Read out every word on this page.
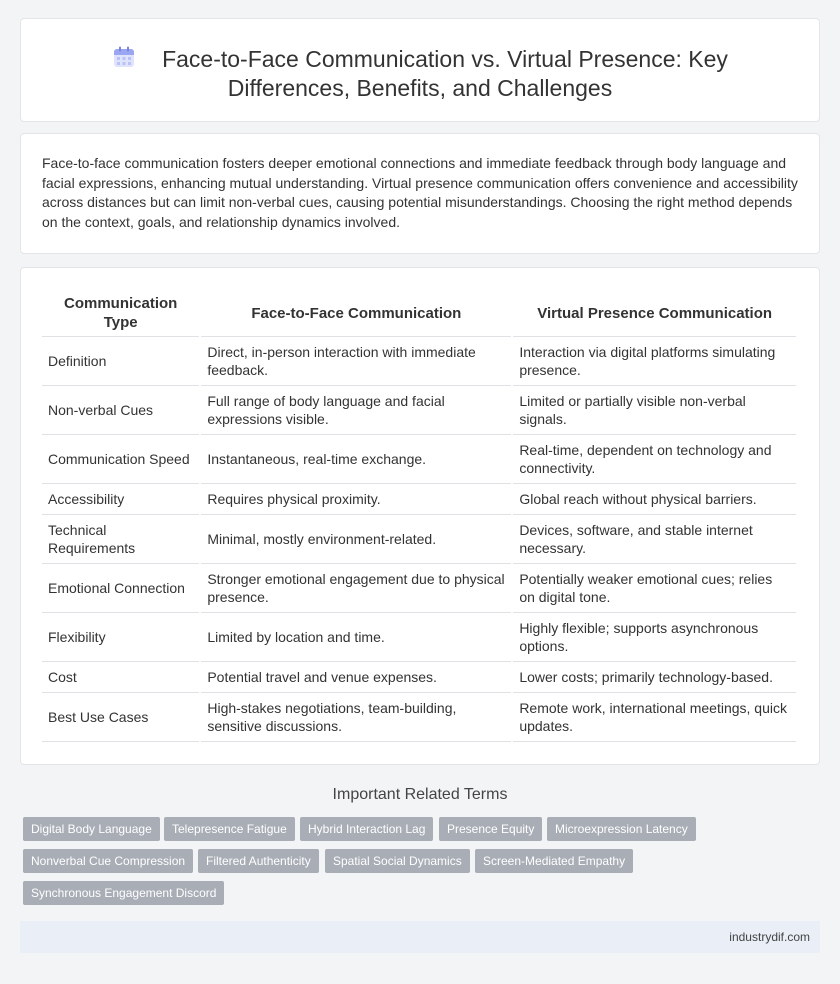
Face-to-Face Communication vs. Virtual Presence: Key Differences, Benefits, and Challenges

Face-to-face communication fosters deeper emotional connections and immediate feedback through body language and facial expressions, enhancing mutual understanding. Virtual presence communication offers convenience and accessibility across distances but can limit non-verbal cues, causing potential misunderstandings. Choosing the right method depends on the context, goals, and relationship dynamics involved.

Communication Type	Face-to-Face Communication	Virtual Presence Communication
Definition	Direct, in-person interaction with immediate feedback.	Interaction via digital platforms simulating presence.
Non-verbal Cues	Full range of body language and facial expressions visible.	Limited or partially visible non-verbal signals.
Communication Speed	Instantaneous, real-time exchange.	Real-time, dependent on technology and connectivity.
Accessibility	Requires physical proximity.	Global reach without physical barriers.
Technical Requirements	Minimal, mostly environment-related.	Devices, software, and stable internet necessary.
Emotional Connection	Stronger emotional engagement due to physical presence.	Potentially weaker emotional cues; relies on digital tone.
Flexibility	Limited by location and time.	Highly flexible; supports asynchronous options.
Cost	Potential travel and venue expenses.	Lower costs; primarily technology-based.
Best Use Cases	High-stakes negotiations, team-building, sensitive discussions.	Remote work, international meetings, quick updates.
Important Related Terms
Digital Body Language	Telepresence Fatigue	Hybrid Interaction Lag	Presence Equity	Microexpression Latency
Nonverbal Cue Compression	Filtered Authenticity	Spatial Social Dynamics	Screen-Mediated Empathy
Synchronous Engagement Discord
industrydif.com
